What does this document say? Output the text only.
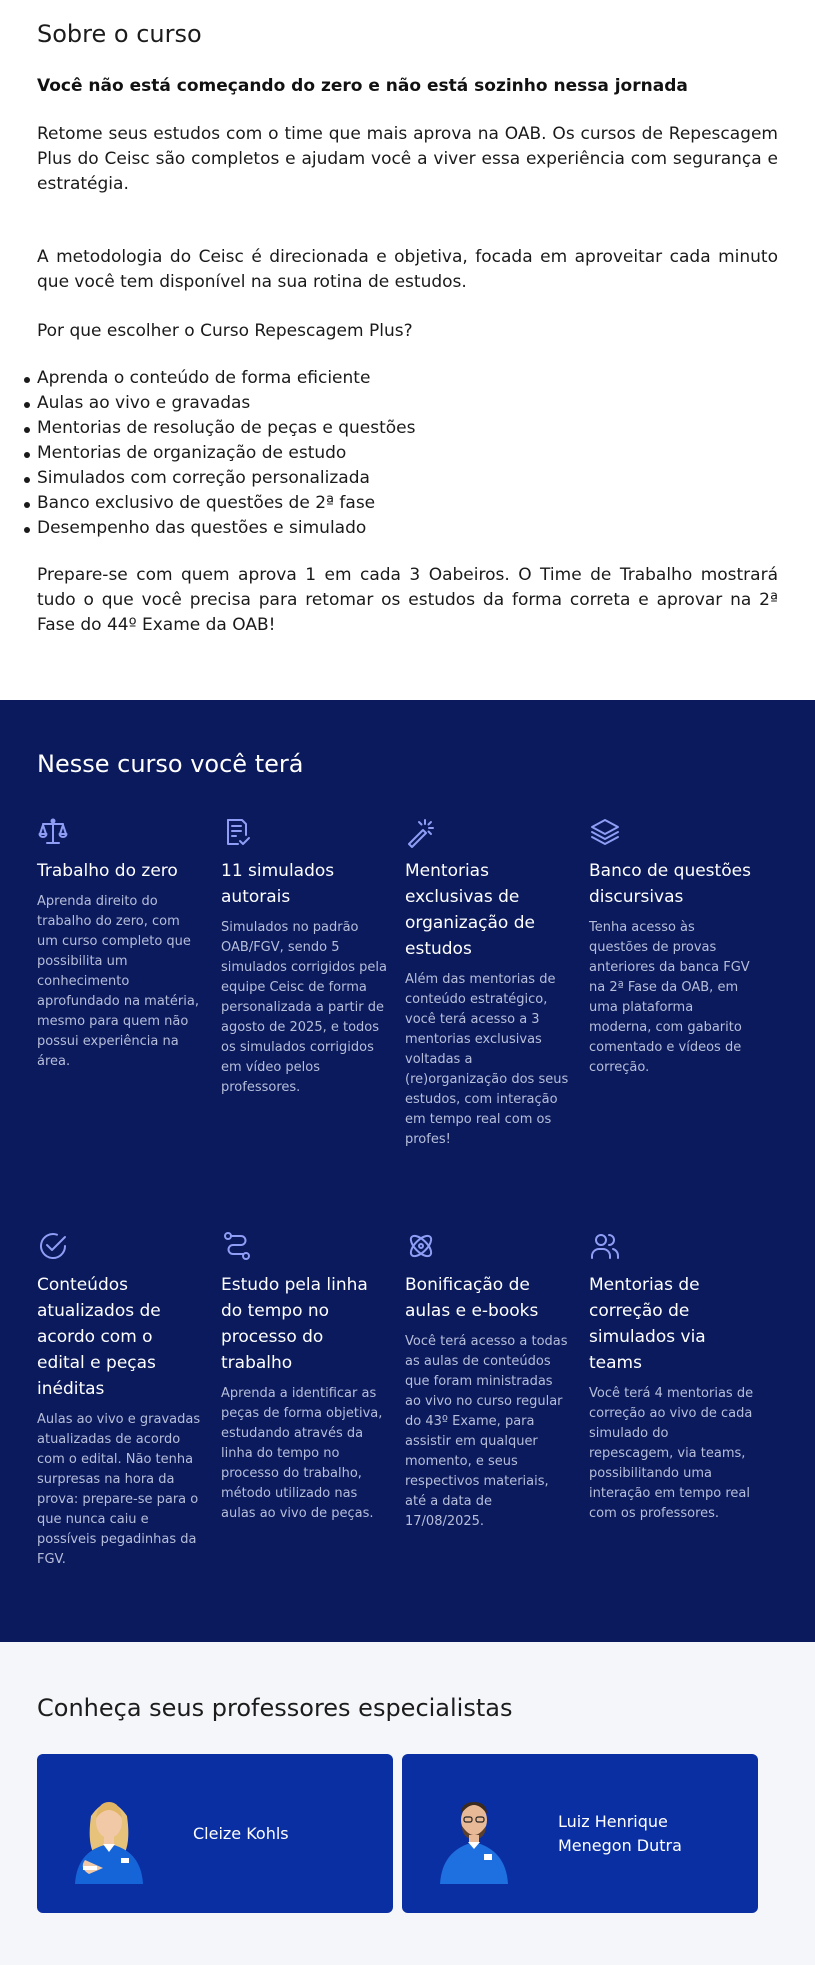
Sobre o curso
Você não está começando do zero e não está sozinho nessa jornada

Retome seus estudos com o time que mais aprova na OAB. Os cursos de Repescagem Plus do Ceisc são completos e ajudam você a viver essa experiência com segurança e estratégia.

A metodologia do Ceisc é direcionada e objetiva, focada em aproveitar cada minuto que você tem disponível na sua rotina de estudos.

Por que escolher o Curso Repescagem Plus?

Aprenda o conteúdo de forma eficiente
Aulas ao vivo e gravadas
Mentorias de resolução de peças e questões
Mentorias de organização de estudo
Simulados com correção personalizada
Banco exclusivo de questões de 2ª fase
Desempenho das questões e simulado

Prepare-se com quem aprova 1 em cada 3 Oabeiros. O Time de Trabalho mostrará tudo o que você precisa para retomar os estudos da forma correta e aprovar na 2ª Fase do 44º Exame da OAB!

Nesse curso você terá
Trabalho do zero

Aprenda direito do trabalho do zero, com um curso completo que possibilita um conhecimento aprofundado na matéria, mesmo para quem não possui experiência na área.

11 simulados autorais

Simulados no padrão OAB/FGV, sendo 5 simulados corrigidos pela equipe Ceisc de forma personalizada a partir de agosto de 2025, e todos os simulados corrigidos em vídeo pelos professores.

Mentorias exclusivas de organização de estudos

Além das mentorias de conteúdo estratégico, você terá acesso a 3 mentorias exclusivas voltadas a (re)organização dos seus estudos, com interação em tempo real com os profes!

Banco de questões discursivas

Tenha acesso às questões de provas anteriores da banca FGV na 2ª Fase da OAB, em uma plataforma moderna, com gabarito comentado e vídeos de correção.

Conteúdos atualizados de acordo com o edital e peças inéditas

Aulas ao vivo e gravadas atualizadas de acordo com o edital. Não tenha surpresas na hora da prova: prepare-se para o que nunca caiu e possíveis pegadinhas da FGV.

Estudo pela linha do tempo no processo do trabalho

Aprenda a identificar as peças de forma objetiva, estudando através da linha do tempo no processo do trabalho, método utilizado nas aulas ao vivo de peças.

Bonificação de aulas e e-books

Você terá acesso a todas as aulas de conteúdos que foram ministradas ao vivo no curso regular do 43º Exame, para assistir em qualquer momento, e seus respectivos materiais, até a data de 17/08/2025.

Mentorias de correção de simulados via teams

Você terá 4 mentorias de correção ao vivo de cada simulado do repescagem, via teams, possibilitando uma interação em tempo real com os professores.

Conheça seus professores especialistas
Cleize Kohls
Luiz Henrique Menegon Dutra
